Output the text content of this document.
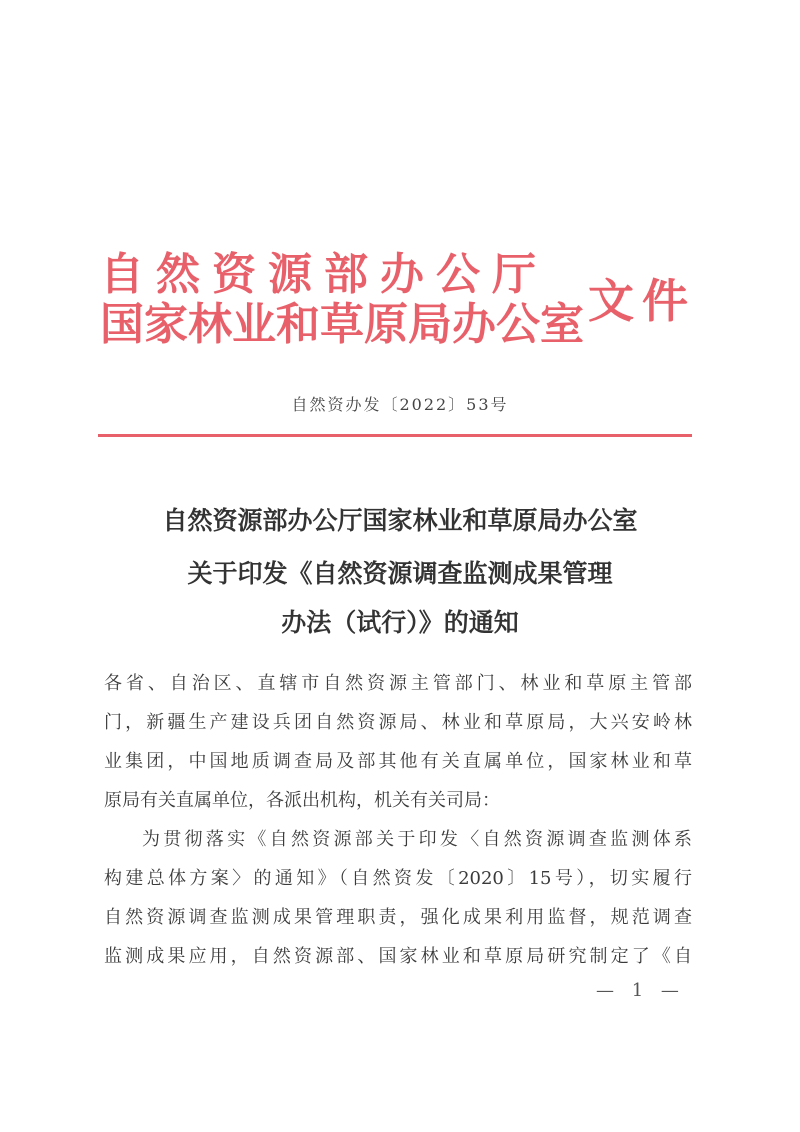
自然资源部办公厅
国家林业和草原局办公室 文件
自然资办发〔2022〕53号
自然资源部办公厅国家林业和草原局办公室
关于印发《自然资源调查监测成果管理
办法（试行）》的通知
各省、自治区、直辖市自然资源主管部门、林业和草原主管部
门，新疆生产建设兵团自然资源局、林业和草原局，大兴安岭林
业集团，中国地质调查局及部其他有关直属单位，国家林业和草
原局有关直属单位，各派出机构，机关有关司局：
为贯彻落实《自然资源部关于印发〈自然资源调查监测体系
构建总体方案〉的通知》（自然资发〔2020〕15号），切实履行
自然资源调查监测成果管理职责，强化成果利用监督，规范调查
监测成果应用，自然资源部、国家林业和草原局研究制定了《自
— 1 —
